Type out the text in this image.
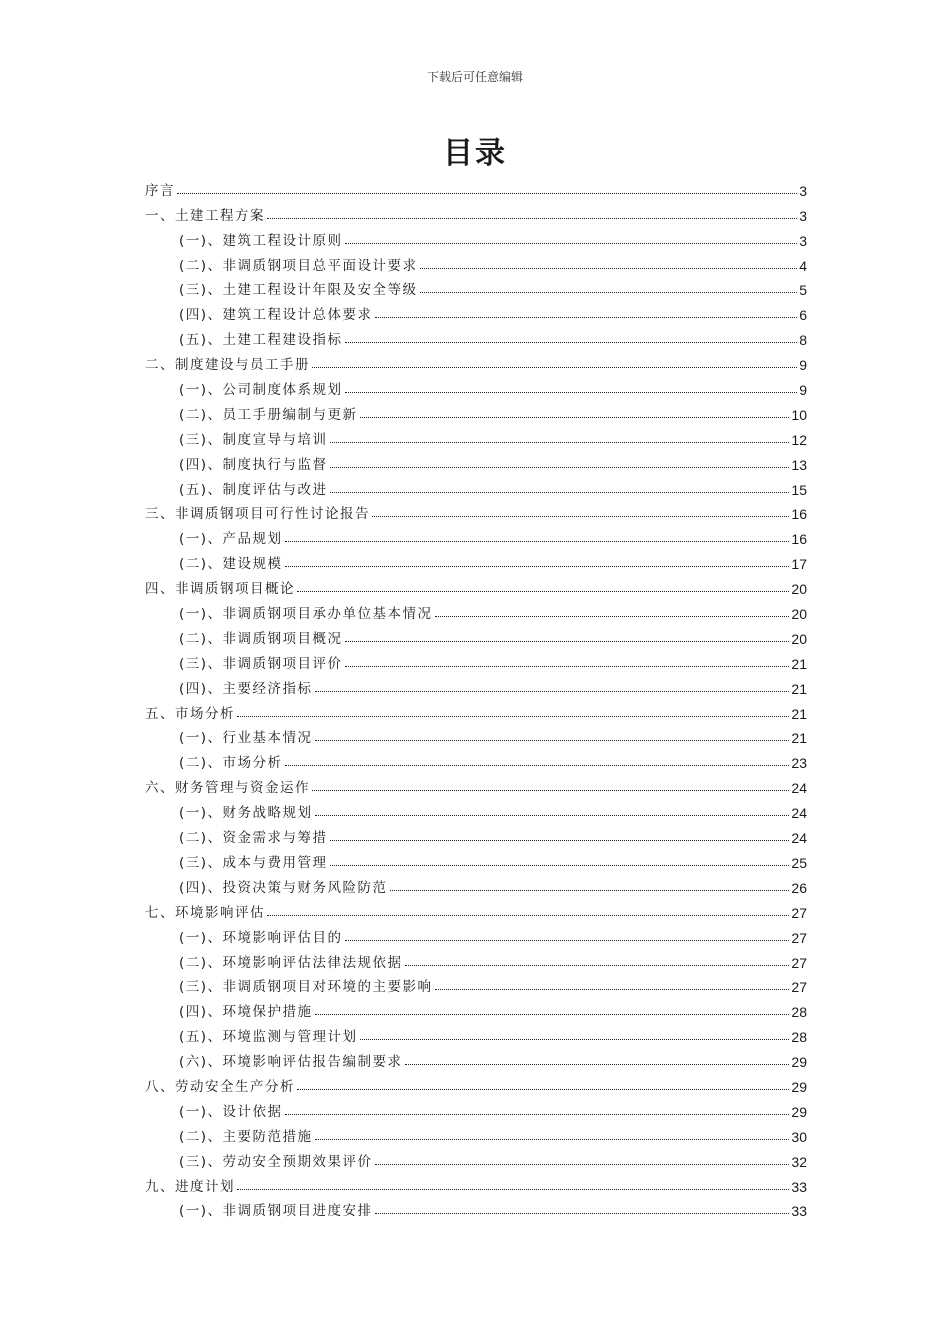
下载后可任意编辑
目录
序言	3
一、土建工程方案	3
(一)、建筑工程设计原则	3
(二)、非调质钢项目总平面设计要求	4
(三)、土建工程设计年限及安全等级	5
(四)、建筑工程设计总体要求	6
(五)、土建工程建设指标	8
二、制度建设与员工手册	9
(一)、公司制度体系规划	9
(二)、员工手册编制与更新	10
(三)、制度宣导与培训	12
(四)、制度执行与监督	13
(五)、制度评估与改进	15
三、非调质钢项目可行性讨论报告	16
(一)、产品规划	16
(二)、建设规模	17
四、非调质钢项目概论	20
(一)、非调质钢项目承办单位基本情况	20
(二)、非调质钢项目概况	20
(三)、非调质钢项目评价	21
(四)、主要经济指标	21
五、市场分析	21
(一)、行业基本情况	21
(二)、市场分析	23
六、财务管理与资金运作	24
(一)、财务战略规划	24
(二)、资金需求与筹措	24
(三)、成本与费用管理	25
(四)、投资决策与财务风险防范	26
七、环境影响评估	27
(一)、环境影响评估目的	27
(二)、环境影响评估法律法规依据	27
(三)、非调质钢项目对环境的主要影响	27
(四)、环境保护措施	28
(五)、环境监测与管理计划	28
(六)、环境影响评估报告编制要求	29
八、劳动安全生产分析	29
(一)、设计依据	29
(二)、主要防范措施	30
(三)、劳动安全预期效果评价	32
九、进度计划	33
(一)、非调质钢项目进度安排	33
